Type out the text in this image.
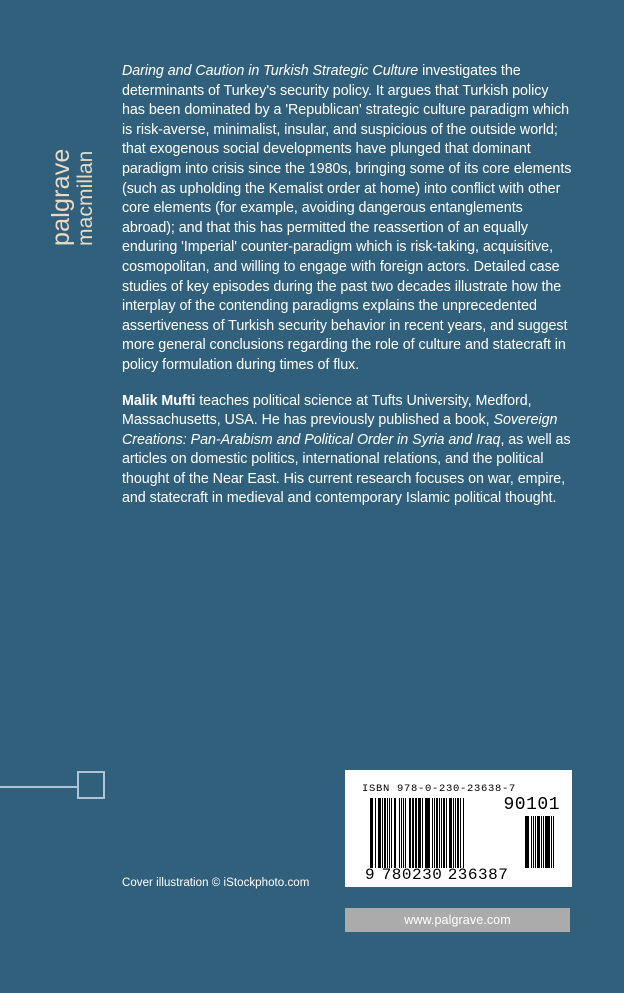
palgrave macmillan

Daring and Caution in Turkish Strategic Culture investigates the determinants of Turkey's security policy. It argues that Turkish policy has been dominated by a 'Republican' strategic culture paradigm which is risk-averse, minimalist, insular, and suspicious of the outside world; that exogenous social developments have plunged that dominant paradigm into crisis since the 1980s, bringing some of its core elements (such as upholding the Kemalist order at home) into conflict with other core elements (for example, avoiding dangerous entanglements abroad); and that this has permitted the reassertion of an equally enduring 'Imperial' counter-paradigm which is risk-taking, acquisitive, cosmopolitan, and willing to engage with foreign actors. Detailed case studies of key episodes during the past two decades illustrate how the interplay of the contending paradigms explains the unprecedented assertiveness of Turkish security behavior in recent years, and suggest more general conclusions regarding the role of culture and statecraft in policy formulation during times of flux.

Malik Mufti teaches political science at Tufts University, Medford, Massachusetts, USA. He has previously published a book, Sovereign Creations: Pan-Arabism and Political Order in Syria and Iraq, as well as articles on domestic politics, international relations, and the political thought of the Near East. His current research focuses on war, empire, and statecraft in medieval and contemporary Islamic political thought.

Cover illustration © iStockphoto.com
ISBN 978-0-230-23638-7
90101
9 780230 236387
www.palgrave.com
